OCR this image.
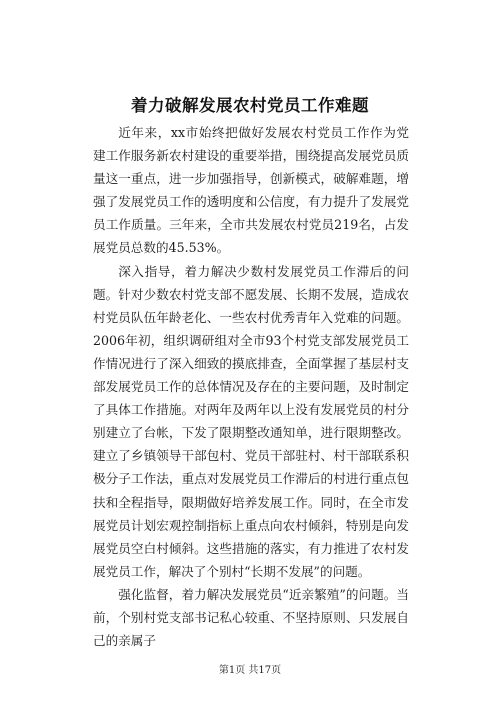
着力破解发展农村党员工作难题

近年来，xx市始终把做好发展农村党员工作作为党建工作服务新农村建设的重要举措，围绕提高发展党员质量这一重点，进一步加强指导，创新模式，破解难题，增强了发展党员工作的透明度和公信度，有力提升了发展党员工作质量。三年来，全市共发展农村党员219名，占发展党员总数的45.53%。

深入指导，着力解决少数村发展党员工作滞后的问题。针对少数农村党支部不愿发展、长期不发展，造成农村党员队伍年龄老化、一些农村优秀青年入党难的问题。2006年初，组织调研组对全市93个村党支部发展党员工作情况进行了深入细致的摸底排查，全面掌握了基层村支部发展党员工作的总体情况及存在的主要问题，及时制定了具体工作措施。对两年及两年以上没有发展党员的村分别建立了台帐，下发了限期整改通知单，进行限期整改。建立了乡镇领导干部包村、党员干部驻村、村干部联系积极分子工作法，重点对发展党员工作滞后的村进行重点包扶和全程指导，限期做好培养发展工作。同时，在全市发展党员计划宏观控制指标上重点向农村倾斜，特别是向发展党员空白村倾斜。这些措施的落实，有力推进了农村发展党员工作，解决了个别村“长期不发展”的问题。

强化监督，着力解决发展党员“近亲繁殖”的问题。当前，个别村党支部书记私心较重、不坚持原则、只发展自己的亲属子

第1页 共17页
